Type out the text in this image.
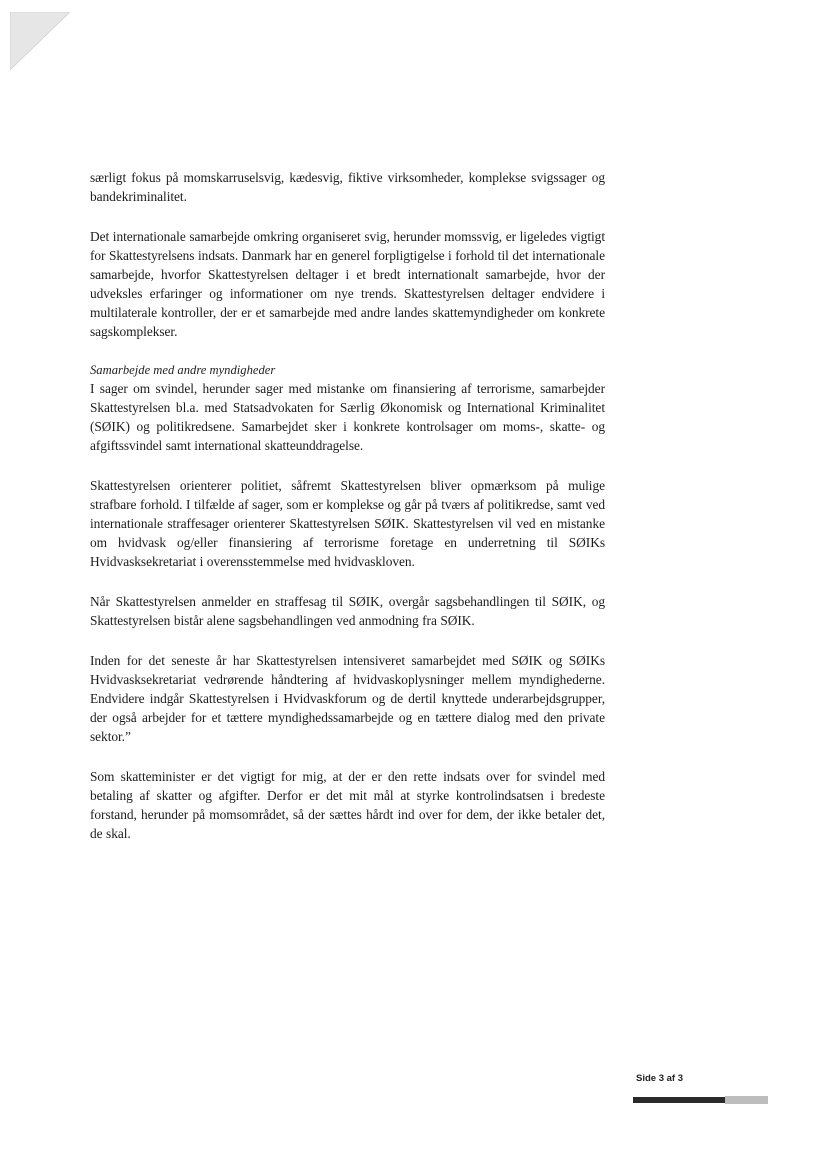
særligt fokus på momskarruselsvig, kædesvig, fiktive virksomheder, komplekse svigssager og bandekriminalitet.

Det internationale samarbejde omkring organiseret svig, herunder momssvig, er ligeledes vigtigt for Skattestyrelsens indsats. Danmark har en generel forpligtigelse i forhold til det internationale samarbejde, hvorfor Skattestyrelsen deltager i et bredt internationalt samarbejde, hvor der udveksles erfaringer og informationer om nye trends. Skattestyrelsen deltager endvidere i multilaterale kontroller, der er et samarbejde med andre landes skattemyndigheder om konkrete sagskomplekser.

Samarbejde med andre myndigheder

I sager om svindel, herunder sager med mistanke om finansiering af terrorisme, samarbejder Skattestyrelsen bl.a. med Statsadvokaten for Særlig Økonomisk og International Kriminalitet (SØIK) og politikredsene. Samarbejdet sker i konkrete kontrolsager om moms-, skatte- og afgiftssvindel samt international skatteunddragelse.

Skattestyrelsen orienterer politiet, såfremt Skattestyrelsen bliver opmærksom på mulige strafbare forhold. I tilfælde af sager, som er komplekse og går på tværs af politikredse, samt ved internationale straffesager orienterer Skattestyrelsen SØIK. Skattestyrelsen vil ved en mistanke om hvidvask og/eller finansiering af terrorisme foretage en underretning til SØIKs Hvidvasksekretariat i overensstemmelse med hvidvaskloven.

Når Skattestyrelsen anmelder en straffesag til SØIK, overgår sagsbehandlingen til SØIK, og Skattestyrelsen bistår alene sagsbehandlingen ved anmodning fra SØIK.

Inden for det seneste år har Skattestyrelsen intensiveret samarbejdet med SØIK og SØIKs Hvidvasksekretariat vedrørende håndtering af hvidvaskoplysninger mellem myndighederne. Endvidere indgår Skattestyrelsen i Hvidvaskforum og de dertil knyttede underarbejdsgrupper, der også arbejder for et tættere myndighedssamarbejde og en tættere dialog med den private sektor.”

Som skatteminister er det vigtigt for mig, at der er den rette indsats over for svindel med betaling af skatter og afgifter. Derfor er det mit mål at styrke kontrolindsatsen i bredeste forstand, herunder på momsområdet, så der sættes hårdt ind over for dem, der ikke betaler det, de skal.

Side 3 af 3
